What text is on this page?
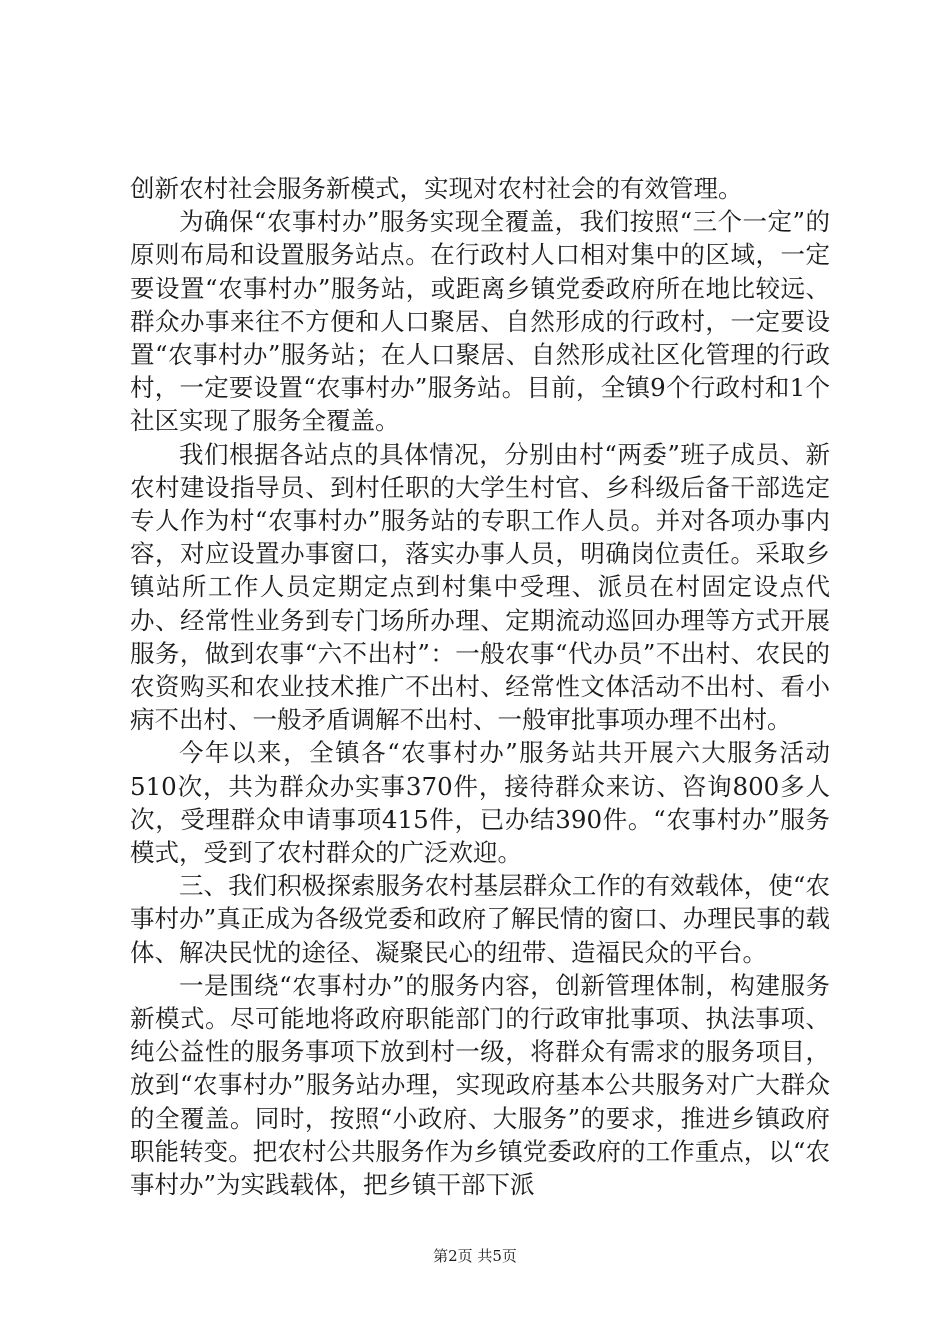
创新农村社会服务新模式，实现对农村社会的有效管理。

为确保“农事村办”服务实现全覆盖，我们按照“三个一定”的原则布局和设置服务站点。在行政村人口相对集中的区域，一定要设置“农事村办”服务站，或距离乡镇党委政府所在地比较远、群众办事来往不方便和人口聚居、自然形成的行政村，一定要设置“农事村办”服务站；在人口聚居、自然形成社区化管理的行政村，一定要设置“农事村办”服务站。目前，全镇9个行政村和1个社区实现了服务全覆盖。

我们根据各站点的具体情况，分别由村“两委”班子成员、新农村建设指导员、到村任职的大学生村官、乡科级后备干部选定专人作为村“农事村办”服务站的专职工作人员。并对各项办事内容，对应设置办事窗口，落实办事人员，明确岗位责任。采取乡镇站所工作人员定期定点到村集中受理、派员在村固定设点代办、经常性业务到专门场所办理、定期流动巡回办理等方式开展服务，做到农事“六不出村”：一般农事“代办员”不出村、农民的农资购买和农业技术推广不出村、经常性文体活动不出村、看小病不出村、一般矛盾调解不出村、一般审批事项办理不出村。

今年以来，全镇各“农事村办”服务站共开展六大服务活动510次，共为群众办实事370件，接待群众来访、咨询800多人次，受理群众申请事项415件，已办结390件。“农事村办”服务模式，受到了农村群众的广泛欢迎。

三、我们积极探索服务农村基层群众工作的有效载体，使“农事村办”真正成为各级党委和政府了解民情的窗口、办理民事的载体、解决民忧的途径、凝聚民心的纽带、造福民众的平台。

一是围绕“农事村办”的服务内容，创新管理体制，构建服务新模式。尽可能地将政府职能部门的行政审批事项、执法事项、纯公益性的服务事项下放到村一级，将群众有需求的服务项目，放到“农事村办”服务站办理，实现政府基本公共服务对广大群众的全覆盖。同时，按照“小政府、大服务”的要求，推进乡镇政府职能转变。把农村公共服务作为乡镇党委政府的工作重点，以“农事村办”为实践载体，把乡镇干部下派

第2页 共5页
